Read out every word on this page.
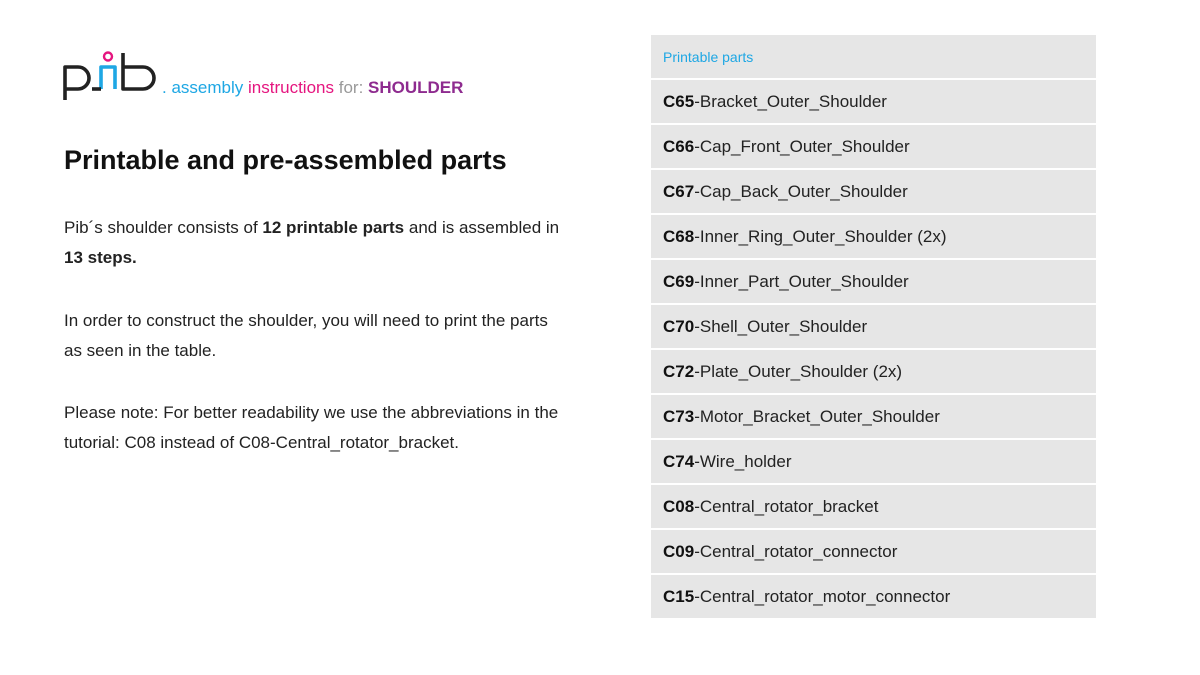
. assembly instructions for: SHOULDER
Printable and pre-assembled parts

Pib´s shoulder consists of 12 printable parts and is assembled in 13 steps.

In order to construct the shoulder, you will need to print the parts as seen in the table.

Please note: For better readability we use the abbreviations in the tutorial: C08 instead of C08-Central_rotator_bracket.

Printable parts
C65 -Bracket_Outer_Shoulder
C66 -Cap_Front_Outer_Shoulder
C67 -Cap_Back_Outer_Shoulder
C68 -Inner_Ring_Outer_Shoulder (2x)
C69 -Inner_Part_Outer_Shoulder
C70 -Shell_Outer_Shoulder
C72 -Plate_Outer_Shoulder (2x)
C73 -Motor_Bracket_Outer_Shoulder
C74 -Wire_holder
C08 -Central_rotator_bracket
C09 -Central_rotator_connector
C15 -Central_rotator_motor_connector
